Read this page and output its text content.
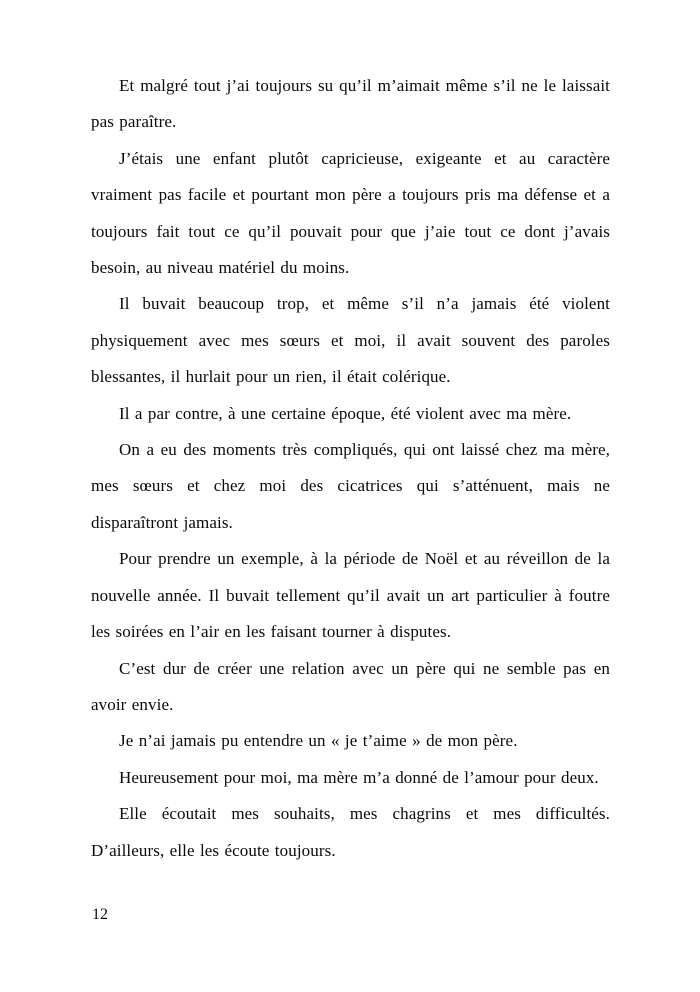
Et malgré tout j’ai toujours su qu’il m’aimait même s’il ne le laissait pas paraître.

J’étais une enfant plutôt capricieuse, exigeante et au caractère vraiment pas facile et pourtant mon père a toujours pris ma défense et a toujours fait tout ce qu’il pouvait pour que j’aie tout ce dont j’avais besoin, au niveau matériel du moins.

Il buvait beaucoup trop, et même s’il n’a jamais été violent physiquement avec mes sœurs et moi, il avait souvent des paroles blessantes, il hurlait pour un rien, il était colérique.

Il a par contre, à une certaine époque, été violent avec ma mère.

On a eu des moments très compliqués, qui ont laissé chez ma mère, mes sœurs et chez moi des cicatrices qui s’atténuent, mais ne disparaîtront jamais.

Pour prendre un exemple, à la période de Noël et au réveillon de la nouvelle année. Il buvait tellement qu’il avait un art particulier à foutre les soirées en l’air en les faisant tourner à disputes.

C’est dur de créer une relation avec un père qui ne semble pas en avoir envie.

Je n’ai jamais pu entendre un « je t’aime » de mon père.

Heureusement pour moi, ma mère m’a donné de l’amour pour deux.

Elle écoutait mes souhaits, mes chagrins et mes difficultés. D’ailleurs, elle les écoute toujours.

12
